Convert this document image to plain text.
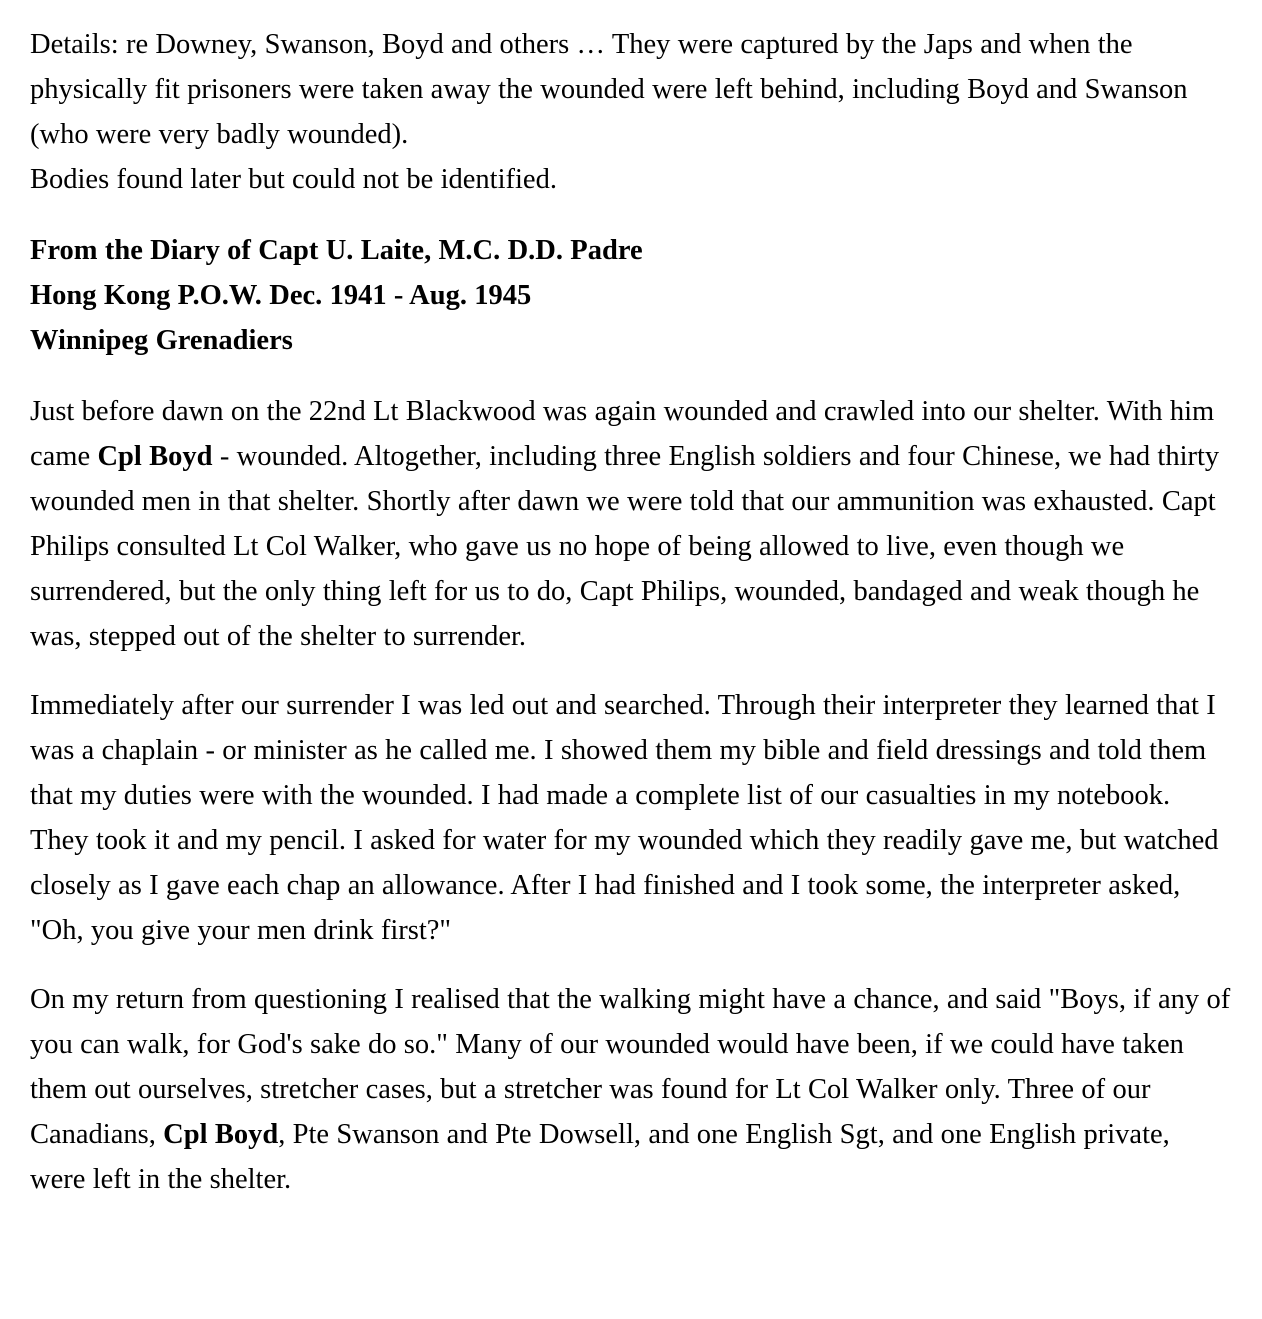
Details: re Downey, Swanson, Boyd and others … They were captured by the Japs and when the physically fit prisoners were taken away the wounded were left behind, including Boyd and Swanson (who were very badly wounded).
Bodies found later but could not be identified.

From the Diary of Capt U. Laite, M.C. D.D. Padre
Hong Kong P.O.W. Dec. 1941 - Aug. 1945
Winnipeg Grenadiers

Just before dawn on the 22nd Lt Blackwood was again wounded and crawled into our shelter. With him came Cpl Boyd - wounded. Altogether, including three English soldiers and four Chinese, we had thirty wounded men in that shelter. Shortly after dawn we were told that our ammunition was exhausted. Capt Philips consulted Lt Col Walker, who gave us no hope of being allowed to live, even though we surrendered, but the only thing left for us to do, Capt Philips, wounded, bandaged and weak though he was, stepped out of the shelter to surrender.

Immediately after our surrender I was led out and searched. Through their interpreter they learned that I was a chaplain - or minister as he called me. I showed them my bible and field dressings and told them that my duties were with the wounded. I had made a complete list of our casualties in my notebook. They took it and my pencil. I asked for water for my wounded which they readily gave me, but watched closely as I gave each chap an allowance. After I had finished and I took some, the interpreter asked, "Oh, you give your men drink first?"

On my return from questioning I realised that the walking might have a chance, and said "Boys, if any of you can walk, for God's sake do so." Many of our wounded would have been, if we could have taken them out ourselves, stretcher cases, but a stretcher was found for Lt Col Walker only. Three of our Canadians, Cpl Boyd, Pte Swanson and Pte Dowsell, and one English Sgt, and one English private, were left in the shelter.
